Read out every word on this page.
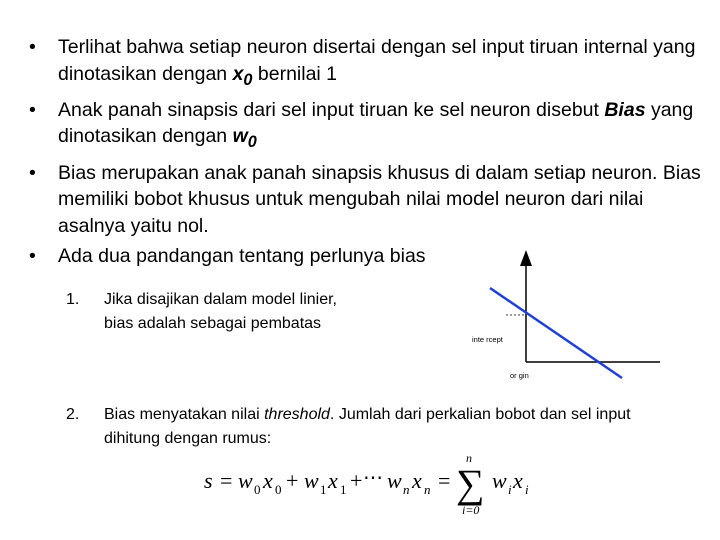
• Terlihat bahwa setiap neuron disertai dengan sel input tiruan internal yang dinotasikan dengan $x_0$ bernilai 1
• Anak panah sinapsis dari sel input tiruan ke sel neuron disebut Bias yang dinotasikan dengan $w_0$
• Bias merupakan anak panah sinapsis khusus di dalam setiap neuron. Bias memiliki bobot khusus untuk mengubah nilai model neuron dari nilai asalnya yaitu nol.
• Ada dua pandangan tentang perlunya bias
1.	Jika disajikan dalam model linier,
bias adalah sebagai pembatas
2.	Bias menyatakan nilai threshold. Jumlah dari perkalian bobot dan sel input dihitung dengan rumus:
inte rcept
or gin
s = w 0 x 0 + w 1 x 1 + ⋯ w n x n =
n
∑
i=0
w i x i
